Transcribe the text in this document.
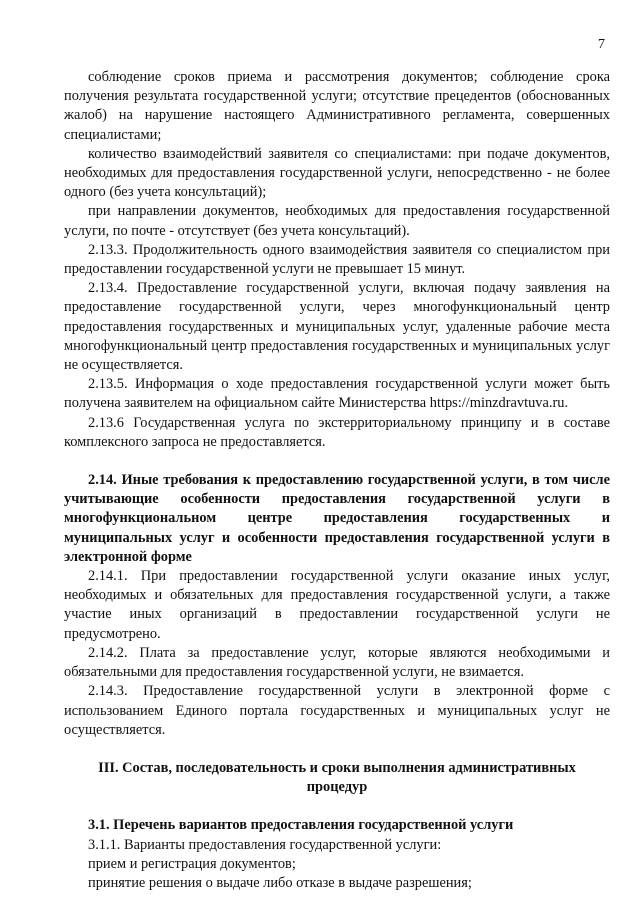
7

соблюдение сроков приема и рассмотрения документов; соблюдение срока получения результата государственной услуги; отсутствие прецедентов (обоснованных жалоб) на нарушение настоящего Административного регламента, совершенных специалистами;

количество взаимодействий заявителя со специалистами: при подаче документов, необходимых для предоставления государственной услуги, непосредственно - не более одного (без учета консультаций);

при направлении документов, необходимых для предоставления государственной услуги, по почте - отсутствует (без учета консультаций).

2.13.3. Продолжительность одного взаимодействия заявителя со специалистом при предоставлении государственной услуги не превышает 15 минут.

2.13.4. Предоставление государственной услуги, включая подачу заявления на предоставление государственной услуги, через многофункциональный центр предоставления государственных и муниципальных услуг, удаленные рабочие места многофункциональный центр предоставления государственных и муниципальных услуг не осуществляется.

2.13.5. Информация о ходе предоставления государственной услуги может быть получена заявителем на официальном сайте Министерства https://minzdravtuva.ru.

2.13.6 Государственная услуга по экстерриториальному принципу и в составе комплексного запроса не предоставляется.

2.14. Иные требования к предоставлению государственной услуги, в том числе учитывающие особенности предоставления государственной услуги в многофункциональном центре предоставления государственных и муниципальных услуг и особенности предоставления государственной услуги в электронной форме

2.14.1. При предоставлении государственной услуги оказание иных услуг, необходимых и обязательных для предоставления государственной услуги, а также участие иных организаций в предоставлении государственной услуги не предусмотрено.

2.14.2. Плата за предоставление услуг, которые являются необходимыми и обязательными для предоставления государственной услуги, не взимается.

2.14.3. Предоставление государственной услуги в электронной форме с использованием Единого портала государственных и муниципальных услуг не осуществляется.

III. Состав, последовательность и сроки выполнения административных процедур

3.1. Перечень вариантов предоставления государственной услуги

3.1.1. Варианты предоставления государственной услуги:

прием и регистрация документов;

принятие решения о выдаче либо отказе в выдаче разрешения;
